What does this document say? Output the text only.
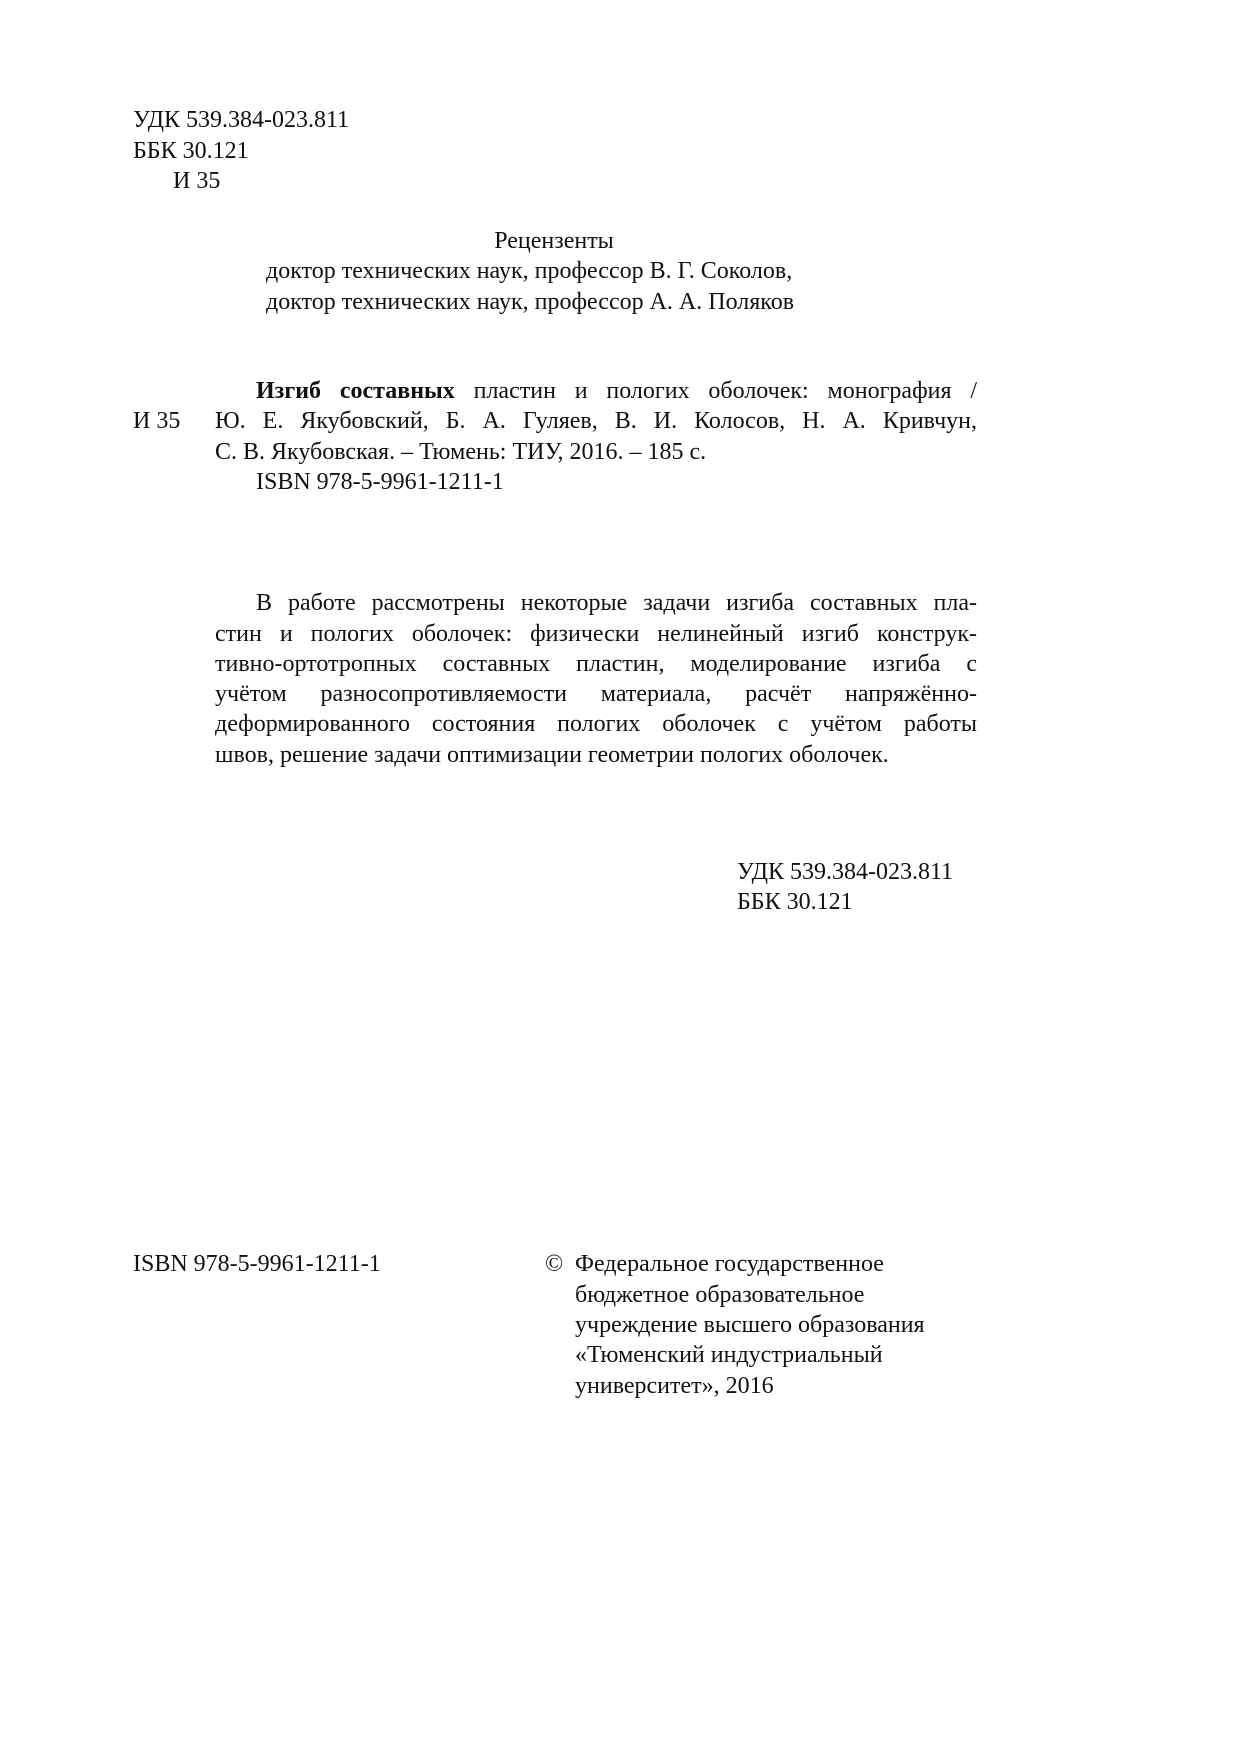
УДК 539.384-023.811
ББК 30.121
И 35
Рецензенты
доктор технических наук, профессор В. Г. Соколов,
доктор технических наук, профессор А. А. Поляков
Изгиб составных пластин и пологих оболочек: монография /
И 35 Ю. Е. Якубовский, Б. А. Гуляев, В. И. Колосов, Н. А. Кривчун,
С. В. Якубовская. – Тюмень: ТИУ, 2016. – 185 с.
ISBN 978-5-9961-1211-1
В работе рассмотрены некоторые задачи изгиба составных пла-
стин и пологих оболочек: физически нелинейный изгиб конструк-
тивно-ортотропных составных пластин, моделирование изгиба с
учётом разносопротивляемости материала, расчёт напряжённо-
деформированного состояния пологих оболочек с учётом работы
швов, решение задачи оптимизации геометрии пологих оболочек.
УДК 539.384-023.811
ББК 30.121
ISBN 978-5-9961-1211-1	© Федеральное государственное
бюджетное образовательное
учреждение высшего образования
«Тюменский индустриальный
университет», 2016
